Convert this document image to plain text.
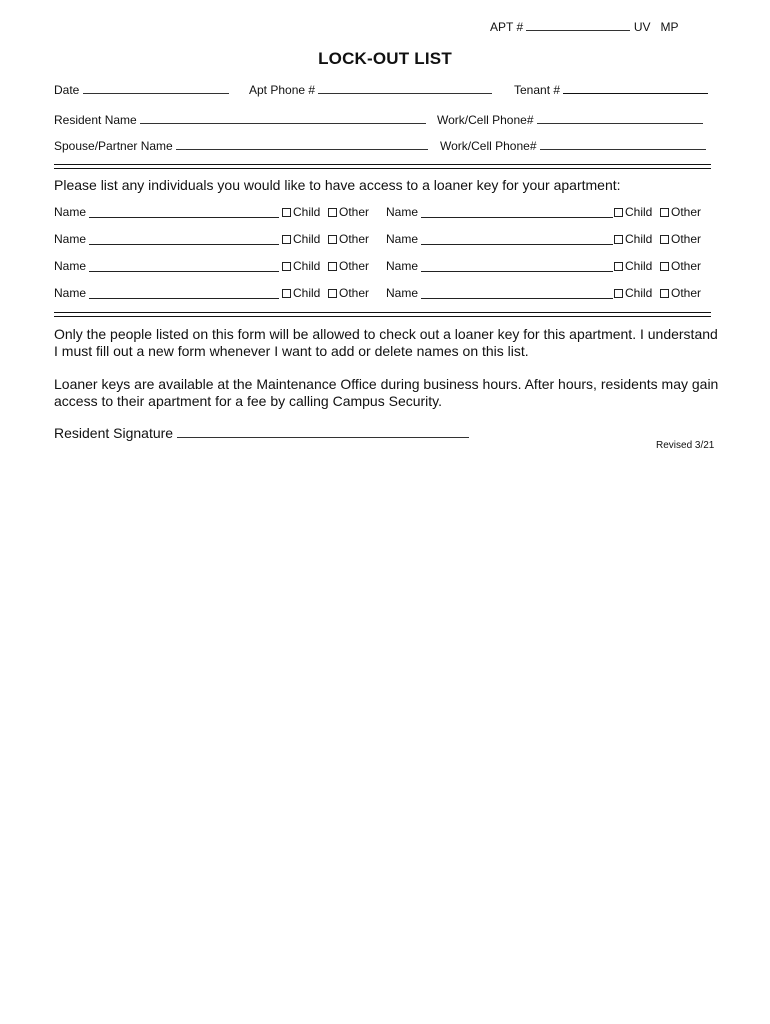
APT #	UV MP
LOCK-OUT LIST
Date	Apt Phone #	Tenant #
Resident Name	Work/Cell Phone#
Spouse/Partner Name	Work/Cell Phone#
Please list any individuals you would like to have access to a loaner key for your apartment:
Name	Child	Other
Name	Child	Other
Name	Child	Other
Name	Child	Other
Name	Child	Other
Name	Child	Other
Name	Child	Other
Name	Child	Other
Only the people listed on this form will be allowed to check out a loaner key for this apartment. I understand I must fill out a new form whenever I want to add or delete names on this list.
Loaner keys are available at the Maintenance Office during business hours. After hours, residents may gain access to their apartment for a fee by calling Campus Security.
Resident Signature
Revised 3/21
